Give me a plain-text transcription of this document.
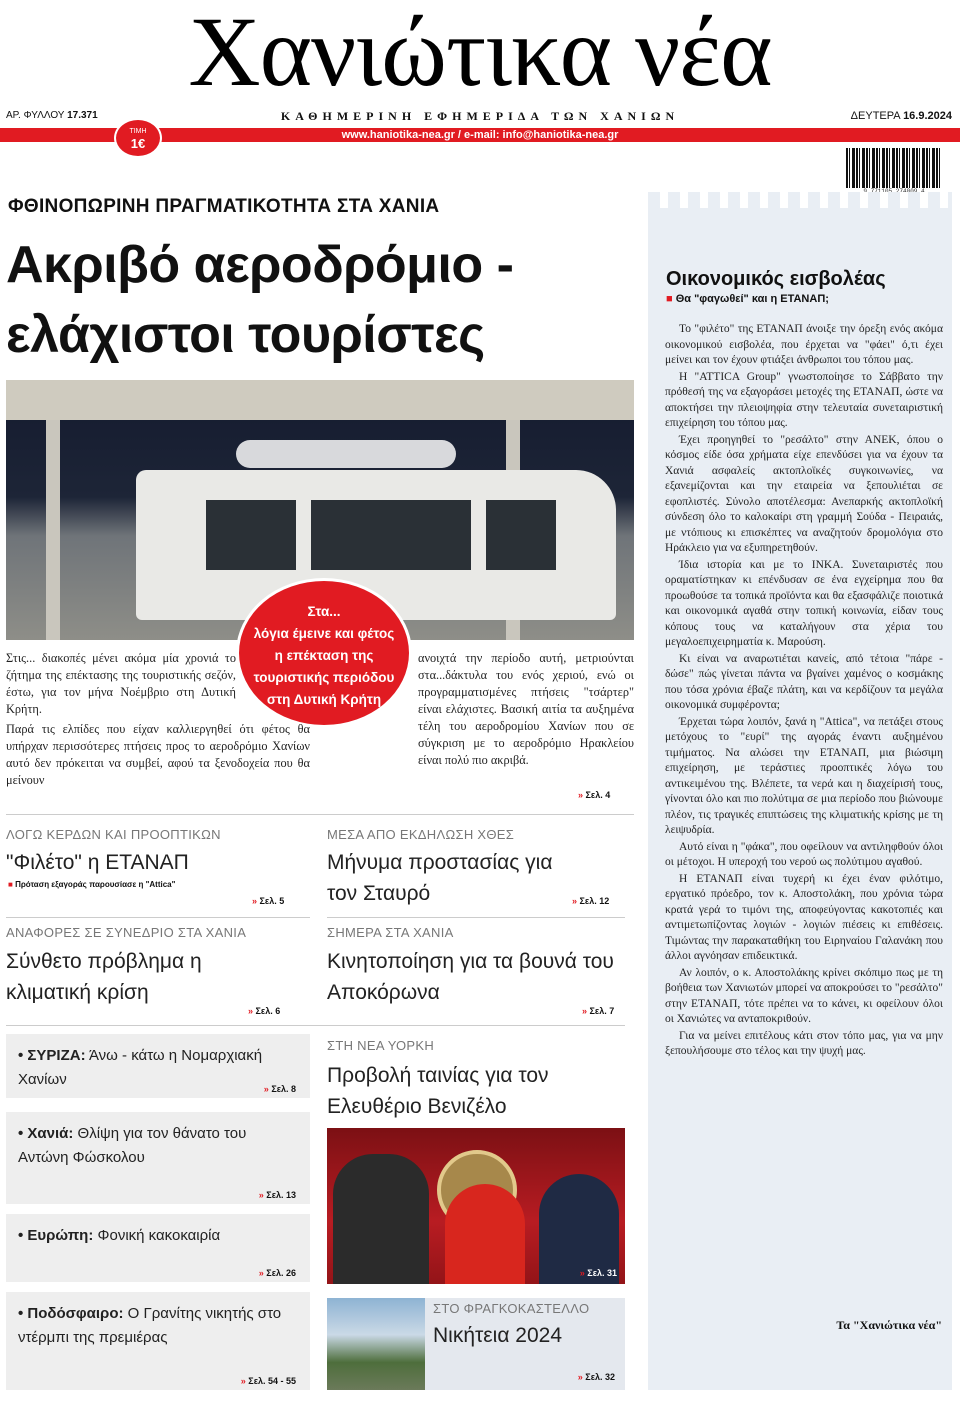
Χανιώτικα νέα
ΑΡ. ΦΥΛΛΟΥ 17.371	ΚΑΘΗΜΕΡΙΝΗ ΕΦΗΜΕΡΙΔΑ ΤΩΝ ΧΑΝΙΩΝ	ΔΕΥΤΕΡΑ 16.9.2024
www.haniotika-nea.gr / e-mail: info@haniotika-nea.gr
ΤΙΜΗ
1€
ΦΘΙΝΟΠΩΡΙΝΗ ΠΡΑΓΜΑΤΙΚΟΤΗΤΑ ΣΤΑ ΧΑΝΙΑ
Ακριβό αεροδρόμιο - ελάχιστοι τουρίστες
Στα...
λόγια έμεινε και φέτος η επέκταση της τουριστικής περιόδου στη Δυτική Κρήτη
Στις... διακοπές μένει ακόμα μία χρονιά το ζήτημα της επέκτασης της τουριστικής σεζόν, έστω, για τον μήνα Νοέμβριο στη Δυτική Κρήτη.
Παρά τις ελπίδες που είχαν καλλιεργηθεί ότι φέτος θα υπήρχαν περισσότερες πτήσεις προς το αεροδρόμιο Χανίων αυτό δεν πρόκειται να συμβεί, αφού τα ξενοδοχεία που θα μείνουν
ανοιχτά την περίοδο αυτή, μετριούνται στα...δάκτυλα του ενός χεριού, ενώ οι προγραμματισμένες πτήσεις "τσάρτερ" είναι ελάχιστες. Βασική αιτία τα αυξημένα τέλη του αεροδρομίου Χανίων που σε σύγκριση με το αεροδρόμιο Ηρακλείου είναι πολύ πιο ακριβά.
» Σελ. 4
ΛΟΓΩ ΚΕΡΔΩΝ ΚΑΙ ΠΡΟΟΠΤΙΚΩΝ
"Φιλέτο" η ΕΤΑΝΑΠ
■ Πρόταση εξαγοράς παρουσίασε η "Attica"
» Σελ. 5
ΜΕΣΑ ΑΠΟ ΕΚΔΗΛΩΣΗ ΧΘΕΣ
Μήνυμα προστασίας για τον Σταυρό
»	Σελ. 12
ΑΝΑΦΟΡΕΣ ΣΕ ΣΥΝΕΔΡΙΟ ΣΤΑ ΧΑΝΙΑ
Σύνθετο πρόβλημα η κλιματική κρίση
» Σελ. 6
ΣΗΜΕΡΑ ΣΤΑ ΧΑΝΙΑ
Κινητοποίηση για τα βουνά του Αποκόρωνα
» Σελ. 7
• ΣΥΡΙΖΑ: Άνω - κάτω η Νομαρχιακή Χανίων
» Σελ. 8
• Χανιά: Θλίψη για τον θάνατο του Αντώνη Φώσκολου
» Σελ. 13
• Ευρώπη: Φονική κακοκαιρία
» Σελ. 26
• Ποδόσφαιρο: Ο Γρανίτης νικητής στο ντέρμπι της πρεμιέρας
» Σελ. 54 - 55
ΣΤΗ ΝΕΑ ΥΟΡΚΗ
Προβολή ταινίας για τον Ελευθέριο Βενιζέλο
» Σελ. 31
ΣΤΟ ΦΡΑΓΚΟΚΑΣΤΕΛΛΟ
Νικήτεια 2024
» Σελ. 32
Οικονομικός εισβολέας
■ Θα "φαγωθεί" και η ΕΤΑΝΑΠ;

Το "φιλέτο" της ΕΤΑΝΑΠ άνοιξε την όρεξη ενός ακόμα οικονομικού εισβολέα, που έρχεται να "φάει" ό,τι έχει μείνει και τον έχουν φτιάξει άνθρωποι του τόπου μας.

Η "ATTICA Group" γνωστοποίησε το Σάββατο την πρόθεσή της να εξαγοράσει μετοχές της ΕΤΑΝΑΠ, ώστε να αποκτήσει την πλειοψηφία στην τελευταία συνεταιριστική επιχείρηση του τόπου μας.

Έχει προηγηθεί το "ρεσάλτο" στην ΑΝΕΚ, όπου ο κόσμος είδε όσα χρήματα είχε επενδύσει για να έχουν τα Χανιά ασφαλείς ακτοπλοϊκές συγκοινωνίες, να εξανεμίζονται και την εταιρεία να ξεπουλιέται σε εφοπλιστές. Σύνολο αποτέλεσμα: Ανεπαρκής ακτοπλοϊκή σύνδεση όλο το καλοκαίρι στη γραμμή Σούδα - Πειραιάς, με ντόπιους κι επισκέπτες να αναζητούν δρομολόγια στο Ηράκλειο για να εξυπηρετηθούν.

Ίδια ιστορία και με το ΙΝΚΑ. Συνεταιριστές που οραματίστηκαν κι επένδυσαν σε ένα εγχείρημα που θα προωθούσε τα τοπικά προϊόντα και θα εξασφάλιζε ποιοτικά και οικονομικά αγαθά στην τοπική κοινωνία, είδαν τους κόπους τους να καταλήγουν στα χέρια του μεγαλοεπιχειρηματία κ. Μαρούση.

Κι είναι να αναρωτιέται κανείς, από τέτοια "πάρε - δώσε" πώς γίνεται πάντα να βγαίνει χαμένος ο κοσμάκης που τόσα χρόνια έβαζε πλάτη, και να κερδίζουν τα μεγάλα οικονομικά συμφέροντα;

Έρχεται τώρα λοιπόν, ξανά η "Attica", να πετάξει στους μετόχους το "ευρί" της αγοράς έναντι αυξημένου τιμήματος. Να αλώσει την ΕΤΑΝΑΠ, μια βιώσιμη επιχείρηση, με τεράστιες προοπτικές λόγω του αντικειμένου της. Βλέπετε, τα νερά και η διαχείρισή τους, γίνονται όλο και πιο πολύτιμα σε μια περίοδο που βιώνουμε πλέον, τις τραγικές επιπτώσεις της κλιματικής κρίσης με τη λειψυδρία.

Αυτό είναι η "φάκα", που οφείλουν να αντιληφθούν όλοι οι μέτοχοι. Η υπεροχή του νερού ως πολύτιμου αγαθού.

Η ΕΤΑΝΑΠ είναι τυχερή κι έχει έναν φιλότιμο, εργατικό πρόεδρο, τον κ. Αποστολάκη, που χρόνια τώρα κρατά γερά το τιμόνι της, αποφεύγοντας κακοτοπιές και αντιμετωπίζοντας λογιών - λογιών πιέσεις κι επιθέσεις. Τιμώντας την παρακαταθήκη του Ειρηναίου Γαλανάκη που άλλοι αγνόησαν επιδεικτικά.

Αν λοιπόν, ο κ. Αποστολάκης κρίνει σκόπιμο πως με τη βοήθεια των Χανιωτών μπορεί να αποκρούσει το "ρεσάλτο" στην ΕΤΑΝΑΠ, τότε πρέπει να το κάνει, κι οφείλουν όλοι οι Χανιώτες να ανταποκριθούν.

Για να μείνει επιτέλους κάτι στον τόπο μας, για να μην ξεπουλήσουμε στο τέλος και την ψυχή μας.

Τα "Χανιώτικα νέα"
